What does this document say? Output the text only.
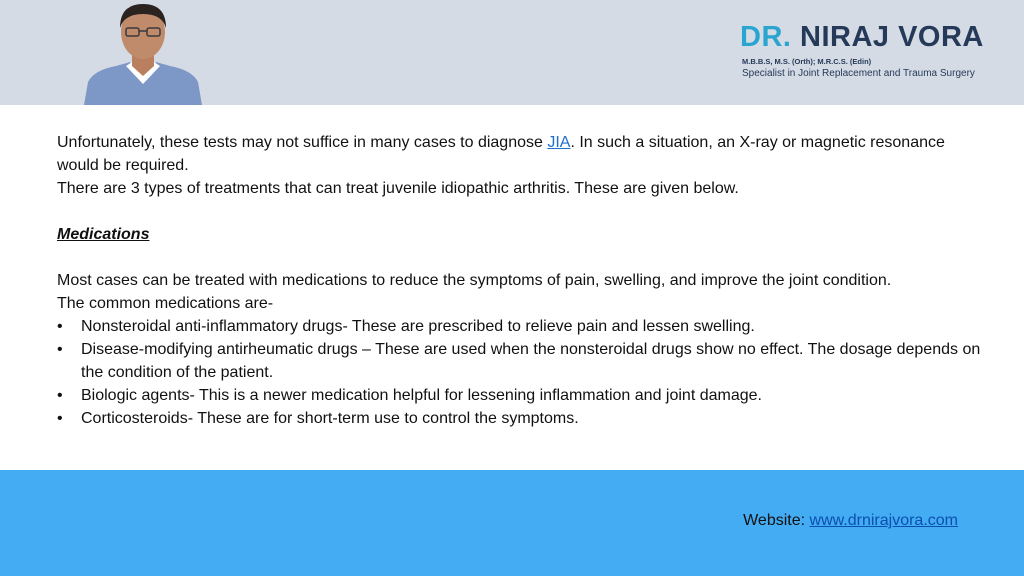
DR. NIRAJ VORA
M.B.B.S, M.S. (Orth); M.R.C.S. (Edin)
Specialist in Joint Replacement and Trauma Surgery

Unfortunately, these tests may not suffice in many cases to diagnose JIA. In such a situation, an X-ray or magnetic resonance would be required.

There are 3 types of treatments that can treat juvenile idiopathic arthritis. These are given below.

Medications

Most cases can be treated with medications to reduce the symptoms of pain, swelling, and improve the joint condition.

The common medications are-

• Nonsteroidal anti-inflammatory drugs- These are prescribed to relieve pain and lessen swelling.
• Disease-modifying antirheumatic drugs – These are used when the nonsteroidal drugs show no effect. The dosage depends on the condition of the patient.
• Biologic agents- This is a newer medication helpful for lessening inflammation and joint damage.
• Corticosteroids- These are for short-term use to control the symptoms.
Website: www.drnirajvora.com
